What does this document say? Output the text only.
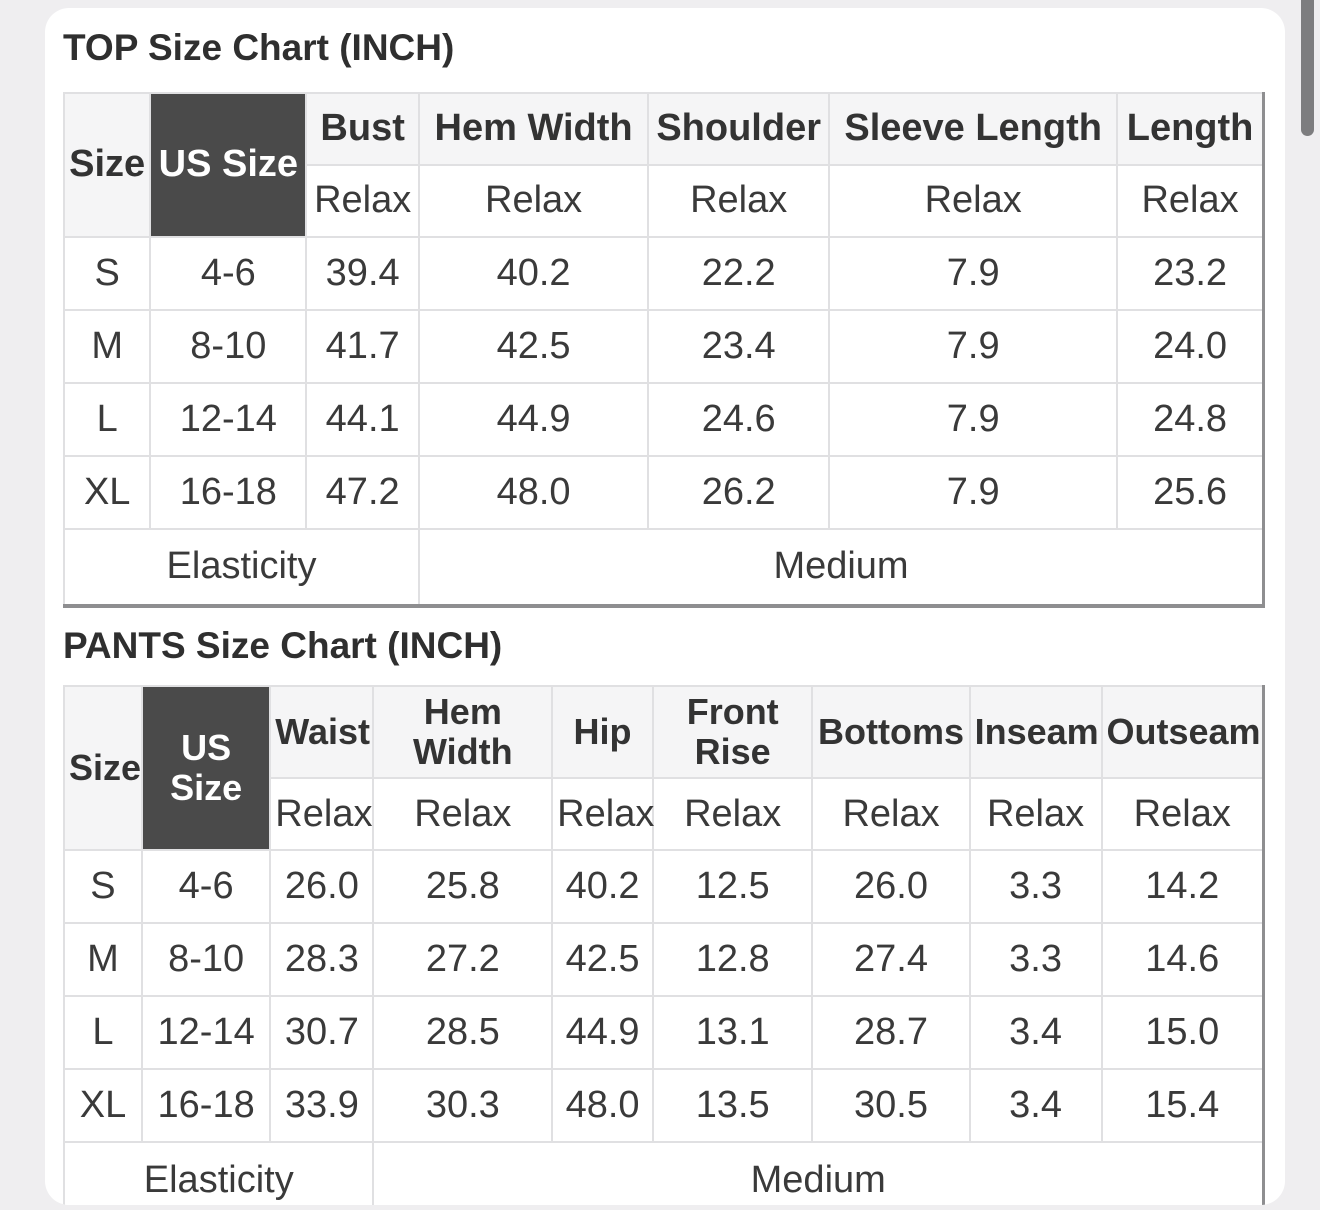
TOP Size Chart (INCH)
Size	US Size	Bust	Hem Width	Shoulder	Sleeve Length	Length
		Relax	Relax	Relax	Relax	Relax
S	4-6	39.4	40.2	22.2	7.9	23.2
M	8-10	41.7	42.5	23.4	7.9	24.0
L	12-14	44.1	44.9	24.6	7.9	24.8
XL	16-18	47.2	48.0	26.2	7.9	25.6
Elasticity			Medium			
PANTS Size Chart (INCH)
Size	US Size	Waist	Hem Width	Hip	Front Rise	Bottoms	Inseam	Outseam
		Relax	Relax	Relax	Relax	Relax	Relax	Relax
S	4-6	26.0	25.8	40.2	12.5	26.0	3.3	14.2
M	8-10	28.3	27.2	42.5	12.8	27.4	3.3	14.6
L	12-14	30.7	28.5	44.9	13.1	28.7	3.4	15.0
XL	16-18	33.9	30.3	48.0	13.5	30.5	3.4	15.4
Elasticity			Medium					
